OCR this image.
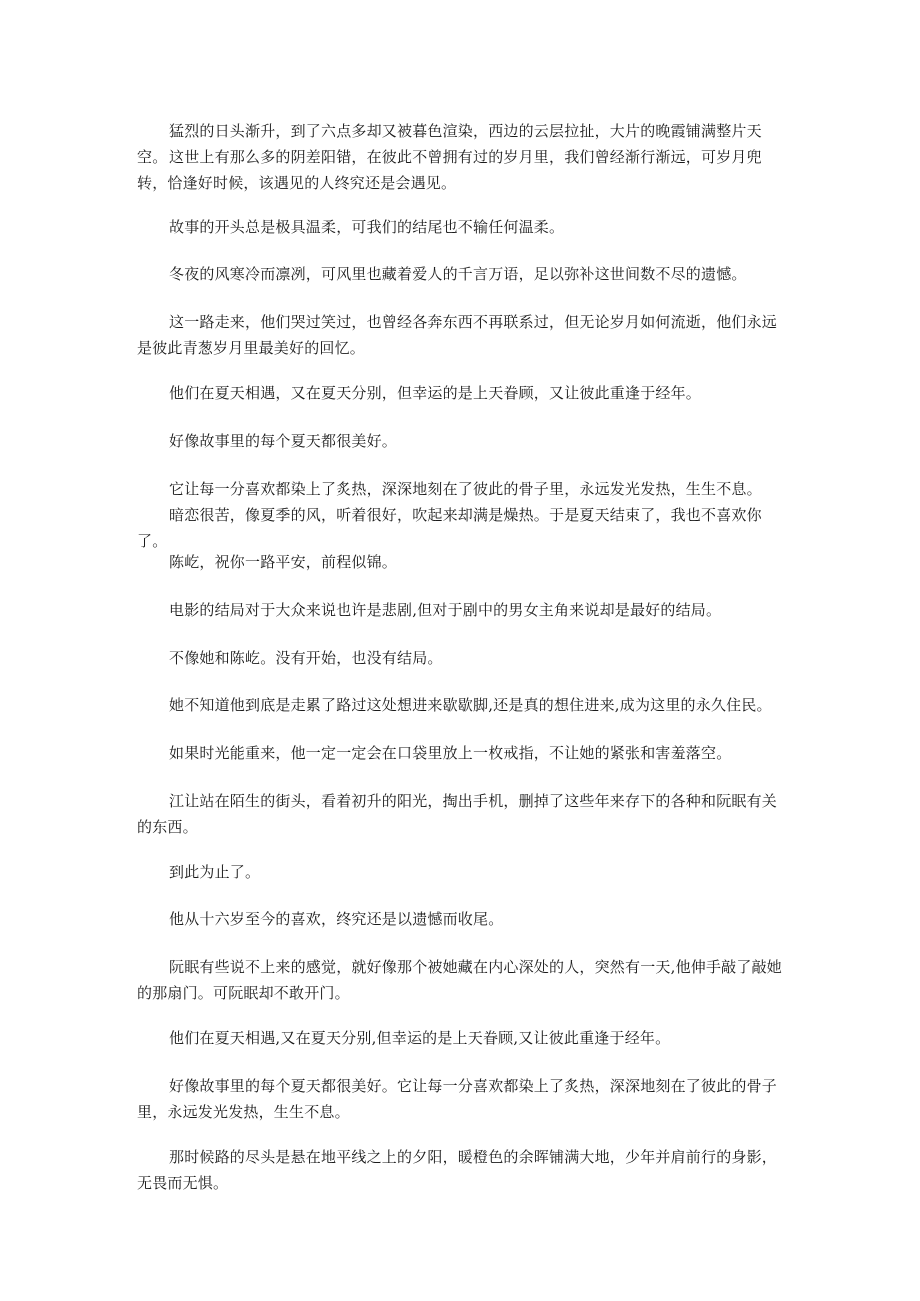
猛烈的日头渐升，到了六点多却又被暮色渲染，西边的云层拉扯，大片的晚霞铺满整片天空。 这世上有那么多的阴差阳错，在彼此不曾拥有过的岁月里，我们曾经渐行渐远，可岁月兜转，恰逢好时候，该遇见的人终究还是会遇见。

故事的开头总是极具温柔，可我们的结尾也不输任何温柔。

冬夜的风寒冷而凛冽，可风里也藏着爱人的千言万语，足以弥补这世间数不尽的遗憾。

这一路走来，他们哭过笑过，也曾经各奔东西不再联系过，但无论岁月如何流逝，他们永远是彼此青葱岁月里最美好的回忆。

他们在夏天相遇，又在夏天分别，但幸运的是上天眷顾，又让彼此重逢于经年。

好像故事里的每个夏天都很美好。

它让每一分喜欢都染上了炙热，深深地刻在了彼此的骨子里，永远发光发热，生生不息。

暗恋很苦，像夏季的风，听着很好，吹起来却满是燥热。于是夏天结束了，我也不喜欢你了。

陈屹，祝你一路平安，前程似锦。

电影的结局对于大众来说也许是悲剧,但对于剧中的男女主角来说却是最好的结局。

不像她和陈屹。没有开始，也没有结局。

她不知道他到底是走累了路过这处想进来歇歇脚,还是真的想住进来,成为这里的永久住民。

如果时光能重来，他一定一定会在口袋里放上一枚戒指，不让她的紧张和害羞落空。

江让站在陌生的街头，看着初升的阳光，掏出手机，删掉了这些年来存下的各种和阮眠有关的东西。

到此为止了。

他从十六岁至今的喜欢，终究还是以遗憾而收尾。

阮眠有些说不上来的感觉，就好像那个被她藏在内心深处的人，突然有一天,他伸手敲了敲她的那扇门。可阮眠却不敢开门。

他们在夏天相遇,又在夏天分别,但幸运的是上天眷顾,又让彼此重逢于经年。

好像故事里的每个夏天都很美好。它让每一分喜欢都染上了炙热，深深地刻在了彼此的骨子里，永远发光发热，生生不息。

那时候路的尽头是悬在地平线之上的夕阳，暖橙色的余晖铺满大地，少年并肩前行的身影，无畏而无惧。
